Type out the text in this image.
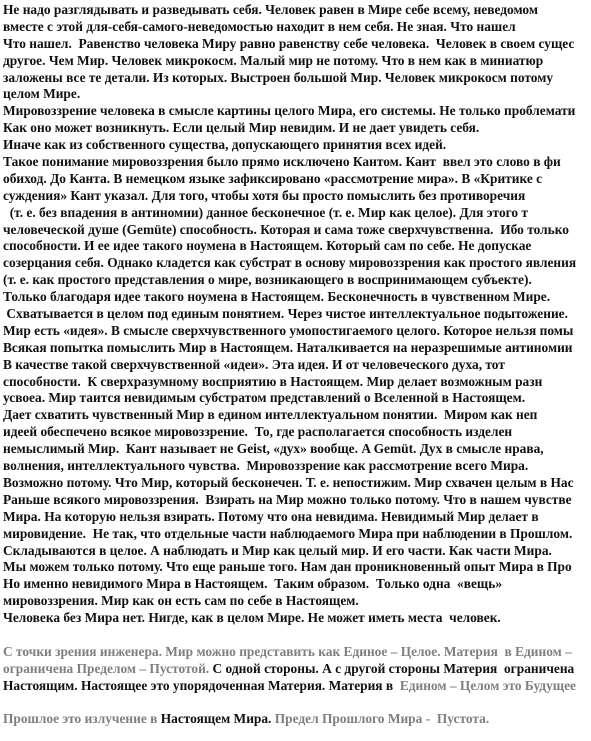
Не надо разглядывать и разведывать себя. Человек равен в Мире себе всему, неведомом
вместе с этой для-себя-самого-неведомостью находит в нем себя. Не зная. Что нашел
Что нашел.  Равенство человека Миру равно равенству себе человека.  Человек в своем сущес
другое. Чем Мир. Человек микрокосм. Малый мир не потому. Что в нем как в миниатюр
заложены все те детали. Из которых. Выстроен большой Мир. Человек микрокосм потому
целом Мире.
Мировоззрение человека в смысле картины целого Мира, его системы. Не только проблемати
Как оно может возникнуть. Если целый Мир невидим. И не дает увидеть себя.
Иначе как из собственного существа, допускающего принятия всех идей.
Такое понимание мировоззрения было прямо исключено Кантом. Кант  ввел это слово в фи
обиход. До Канта. В немецком языке зафиксировано «рассмотрение мира». В «Критике с
суждения» Кант указал. Для того, чтобы хотя бы просто помыслить без противоречия
(т. е. без впадения в антиномии) данное бесконечное (т. е. Мир как целое). Для этого т
человеческой душе (Gemüte) способность. Которая и сама тоже сверхчувственна.  Ибо только
способности. И ее идее такого ноумена в Настоящем. Который сам по себе. Не допускае
созерцания себя. Однако кладется как субстрат в основу мировоззрения как простого явления
(т. е. как простого представления о мире, возникающего в воспринимающем субъекте).
Только благодаря идее такого ноумена в Настоящем. Бесконечность в чувственном Мире.
Схватывается в целом под единым понятием. Через чистое интеллектуальное подытожение.
Мир есть «идея». В смысле сверхчувственного умопостигаемого целого. Которое нельзя помы
Всякая попытка помыслить Мир в Настоящем. Наталкивается на неразрешимые антиномии
В качестве такой сверхчувственной «идеи». Эта идея. И от человеческого духа, тот
способности.  К сверхразумному восприятию в Настоящем. Мир делает возможным разн
усвоеа. Мир таится невидимым субстратом представлений о Вселенной в Настоящем.
Дает схватить чувственный Мир в едином интеллектуальном понятии.  Миром как неп
идеей обеспечено всякое мировоззрение.  То, где располагается способность изделен
немыслимый Мир.  Кант называет не Geist, «дух» вообще. A Gemüt. Дух в смысле нрава,
волнения, интеллектуального чувства.  Мировоззрение как рассмотрение всего Мира.
Возможно потому. Что Мир, который бесконечен. Т. е. непостижим. Мир схвачен целым в Нас
Раньше всякого мировоззрения.  Взирать на Мир можно только потому. Что в нашем чувстве
Мира. На которую нельзя взирать. Потому что она невидима. Невидимый Мир делает в
мировидение.  Не так, что отдельные части наблюдаемого Мира при наблюдении в Прошлом.
Складываются в целое. А наблюдать и Мир как целый мир. И его части. Как части Мира.
Мы можем только потому. Что еще раньше того. Нам дан проникновенный опыт Мира в Про
Но именно невидимого Мира в Настоящем.  Таким образом.  Только одна  «вещь»
мировоззрения. Мир как он есть сам по себе в Настоящем.
Человека без Мира нет. Нигде, как в целом Мире. Не может иметь места  человек.
С точки зрения инженера. Мир можно представить как Единое – Целое. Материя  в Едином –
ограничена Пределом – Пустотой. С одной стороны. А с другой стороны Материя  ограничена
Настоящим. Настоящее это упорядоченная Материя. Материя в  Едином – Целом это Будущее
Прошлое это излучение в Настоящем Мира. Предел Прошлого Мира -  Пустота.
